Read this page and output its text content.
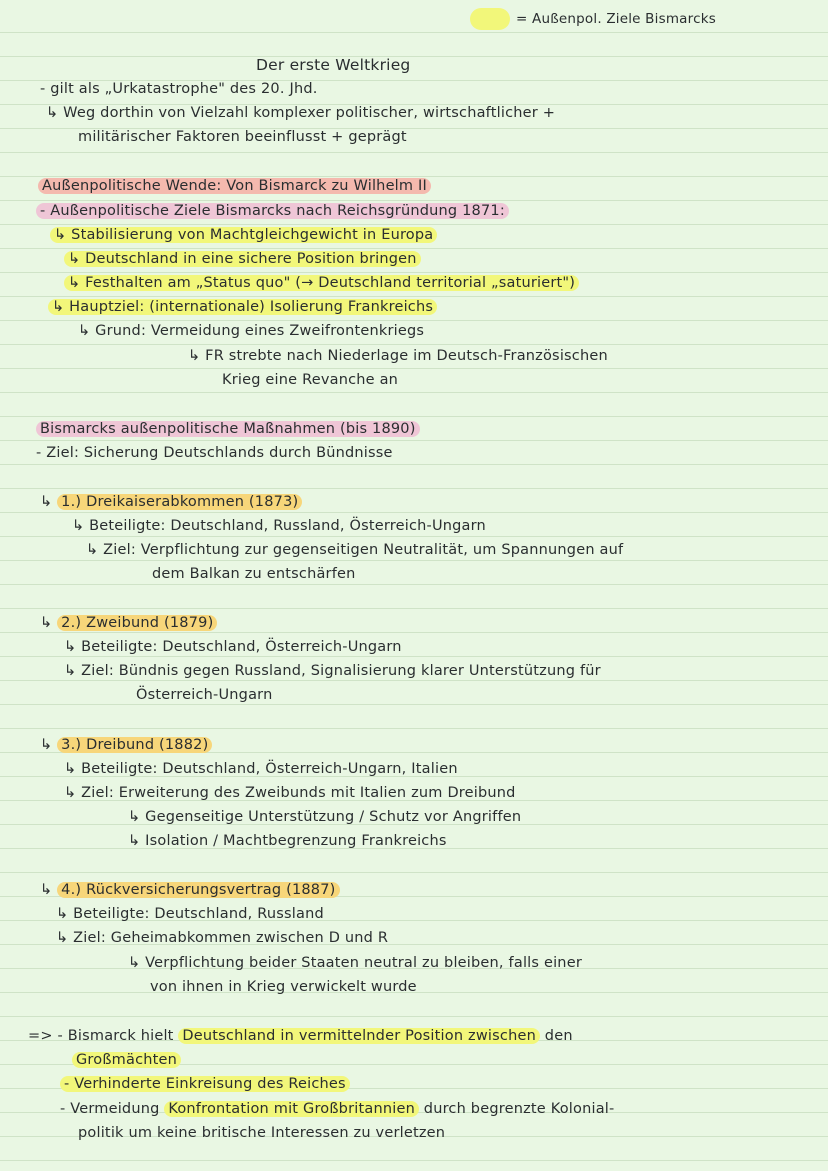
= Außenpol. Ziele Bismarcks
Der erste Weltkrieg
- gilt als „Urkatastrophe" des 20. Jhd.
↳ Weg dorthin von Vielzahl komplexer politischer, wirtschaftlicher +
militärischer Faktoren beeinflusst + geprägt
Außenpolitische Wende: Von Bismarck zu Wilhelm II
- Außenpolitische Ziele Bismarcks nach Reichsgründung 1871:
↳ Stabilisierung von Machtgleichgewicht in Europa
↳ Deutschland in eine sichere Position bringen
↳ Festhalten am „Status quo" (→ Deutschland territorial „saturiert")
↳ Hauptziel: (internationale) Isolierung Frankreichs
↳ Grund: Vermeidung eines Zweifrontenkriegs
↳ FR strebte nach Niederlage im Deutsch-Französischen
Krieg eine Revanche an
Bismarcks außenpolitische Maßnahmen (bis 1890)
- Ziel: Sicherung Deutschlands durch Bündnisse
↳ 1.) Dreikaiserabkommen (1873)
↳ Beteiligte: Deutschland, Russland, Österreich-Ungarn
↳ Ziel: Verpflichtung zur gegenseitigen Neutralität, um Spannungen auf
dem Balkan zu entschärfen
↳ 2.) Zweibund (1879)
↳ Beteiligte: Deutschland, Österreich-Ungarn
↳ Ziel: Bündnis gegen Russland, Signalisierung klarer Unterstützung für
Österreich-Ungarn
↳ 3.) Dreibund (1882)
↳ Beteiligte: Deutschland, Österreich-Ungarn, Italien
↳ Ziel: Erweiterung des Zweibunds mit Italien zum Dreibund
↳ Gegenseitige Unterstützung / Schutz vor Angriffen
↳ Isolation / Machtbegrenzung Frankreichs
↳ 4.) Rückversicherungsvertrag (1887)
↳ Beteiligte: Deutschland, Russland
↳ Ziel: Geheimabkommen zwischen D und R
↳ Verpflichtung beider Staaten neutral zu bleiben, falls einer
von ihnen in Krieg verwickelt wurde
=> - Bismarck hielt Deutschland in vermittelnder Position zwischen den
Großmächten
- Verhinderte Einkreisung des Reiches
- Vermeidung Konfrontation mit Großbritannien durch begrenzte Kolonial-
politik um keine britische Interessen zu verletzen
